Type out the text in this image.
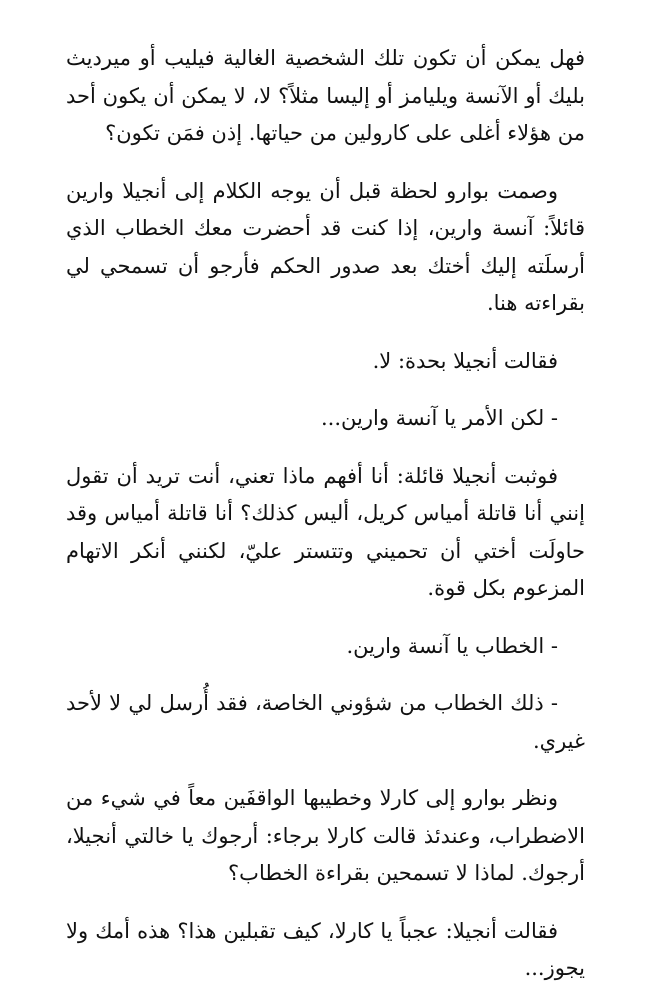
فهل يمكن أن تكون تلك الشخصية الغالية فيليب أو ميرديث بليك أو الآنسة ويليامز أو إليسا مثلاً؟ لا، لا يمكن أن يكون أحد من هؤلاء أغلى على كارولين من حياتها. إذن فمَن تكون؟

وصمت بوارو لحظة قبل أن يوجه الكلام إلى أنجيلا وارين قائلاً: آنسة وارين، إذا كنت قد أحضرت معك الخطاب الذي أرسلَته إليك أختك بعد صدور الحكم فأرجو أن تسمحي لي بقراءته هنا.

فقالت أنجيلا بحدة: لا.

- لكن الأمر يا آنسة وارين...

فوثبت أنجيلا قائلة: أنا أفهم ماذا تعني، أنت تريد أن تقول إنني أنا قاتلة أمياس كريل، أليس كذلك؟ أنا قاتلة أمياس وقد حاولَت أختي أن تحميني وتتستر عليّ، لكنني أنكر الاتهام المزعوم بكل قوة.

- الخطاب يا آنسة وارين.

- ذلك الخطاب من شؤوني الخاصة، فقد أُرسل لي لا لأحد غيري.

ونظر بوارو إلى كارلا وخطيبها الواقفَين معاً في شيء من الاضطراب، وعندئذ قالت كارلا برجاء: أرجوك يا خالتي أنجيلا، أرجوك. لماذا لا تسمحين بقراءة الخطاب؟

فقالت أنجيلا: عجباً يا كارلا، كيف تقبلين هذا؟ هذه أمك ولا يجوز...
